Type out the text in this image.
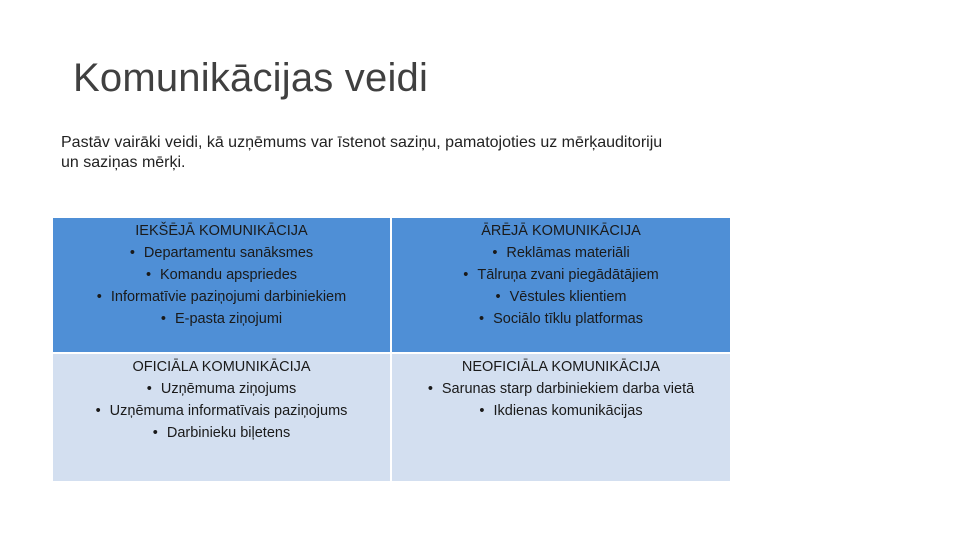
Komunikācijas veidi

Pastāv vairāki veidi, kā uzņēmums var īstenot saziņu, pamatojoties uz mērķauditoriju un saziņas mērķi.

IEKŠĒJĀ KOMUNIKĀCIJA
• Departamentu sanāksmes
• Komandu apspriedes
• Informatīvie paziņojumi darbiniekiem
• E-pasta ziņojumi
ĀRĒJĀ KOMUNIKĀCIJA
• Reklāmas materiāli
• Tālruņa zvani piegādātājiem
• Vēstules klientiem
• Sociālo tīklu platformas
OFICIĀLA KOMUNIKĀCIJA
• Uzņēmuma ziņojums
• Uzņēmuma informatīvais paziņojums
• Darbinieku biļetens
NEOFICIĀLA KOMUNIKĀCIJA
• Sarunas starp darbiniekiem darba vietā
• Ikdienas komunikācijas
